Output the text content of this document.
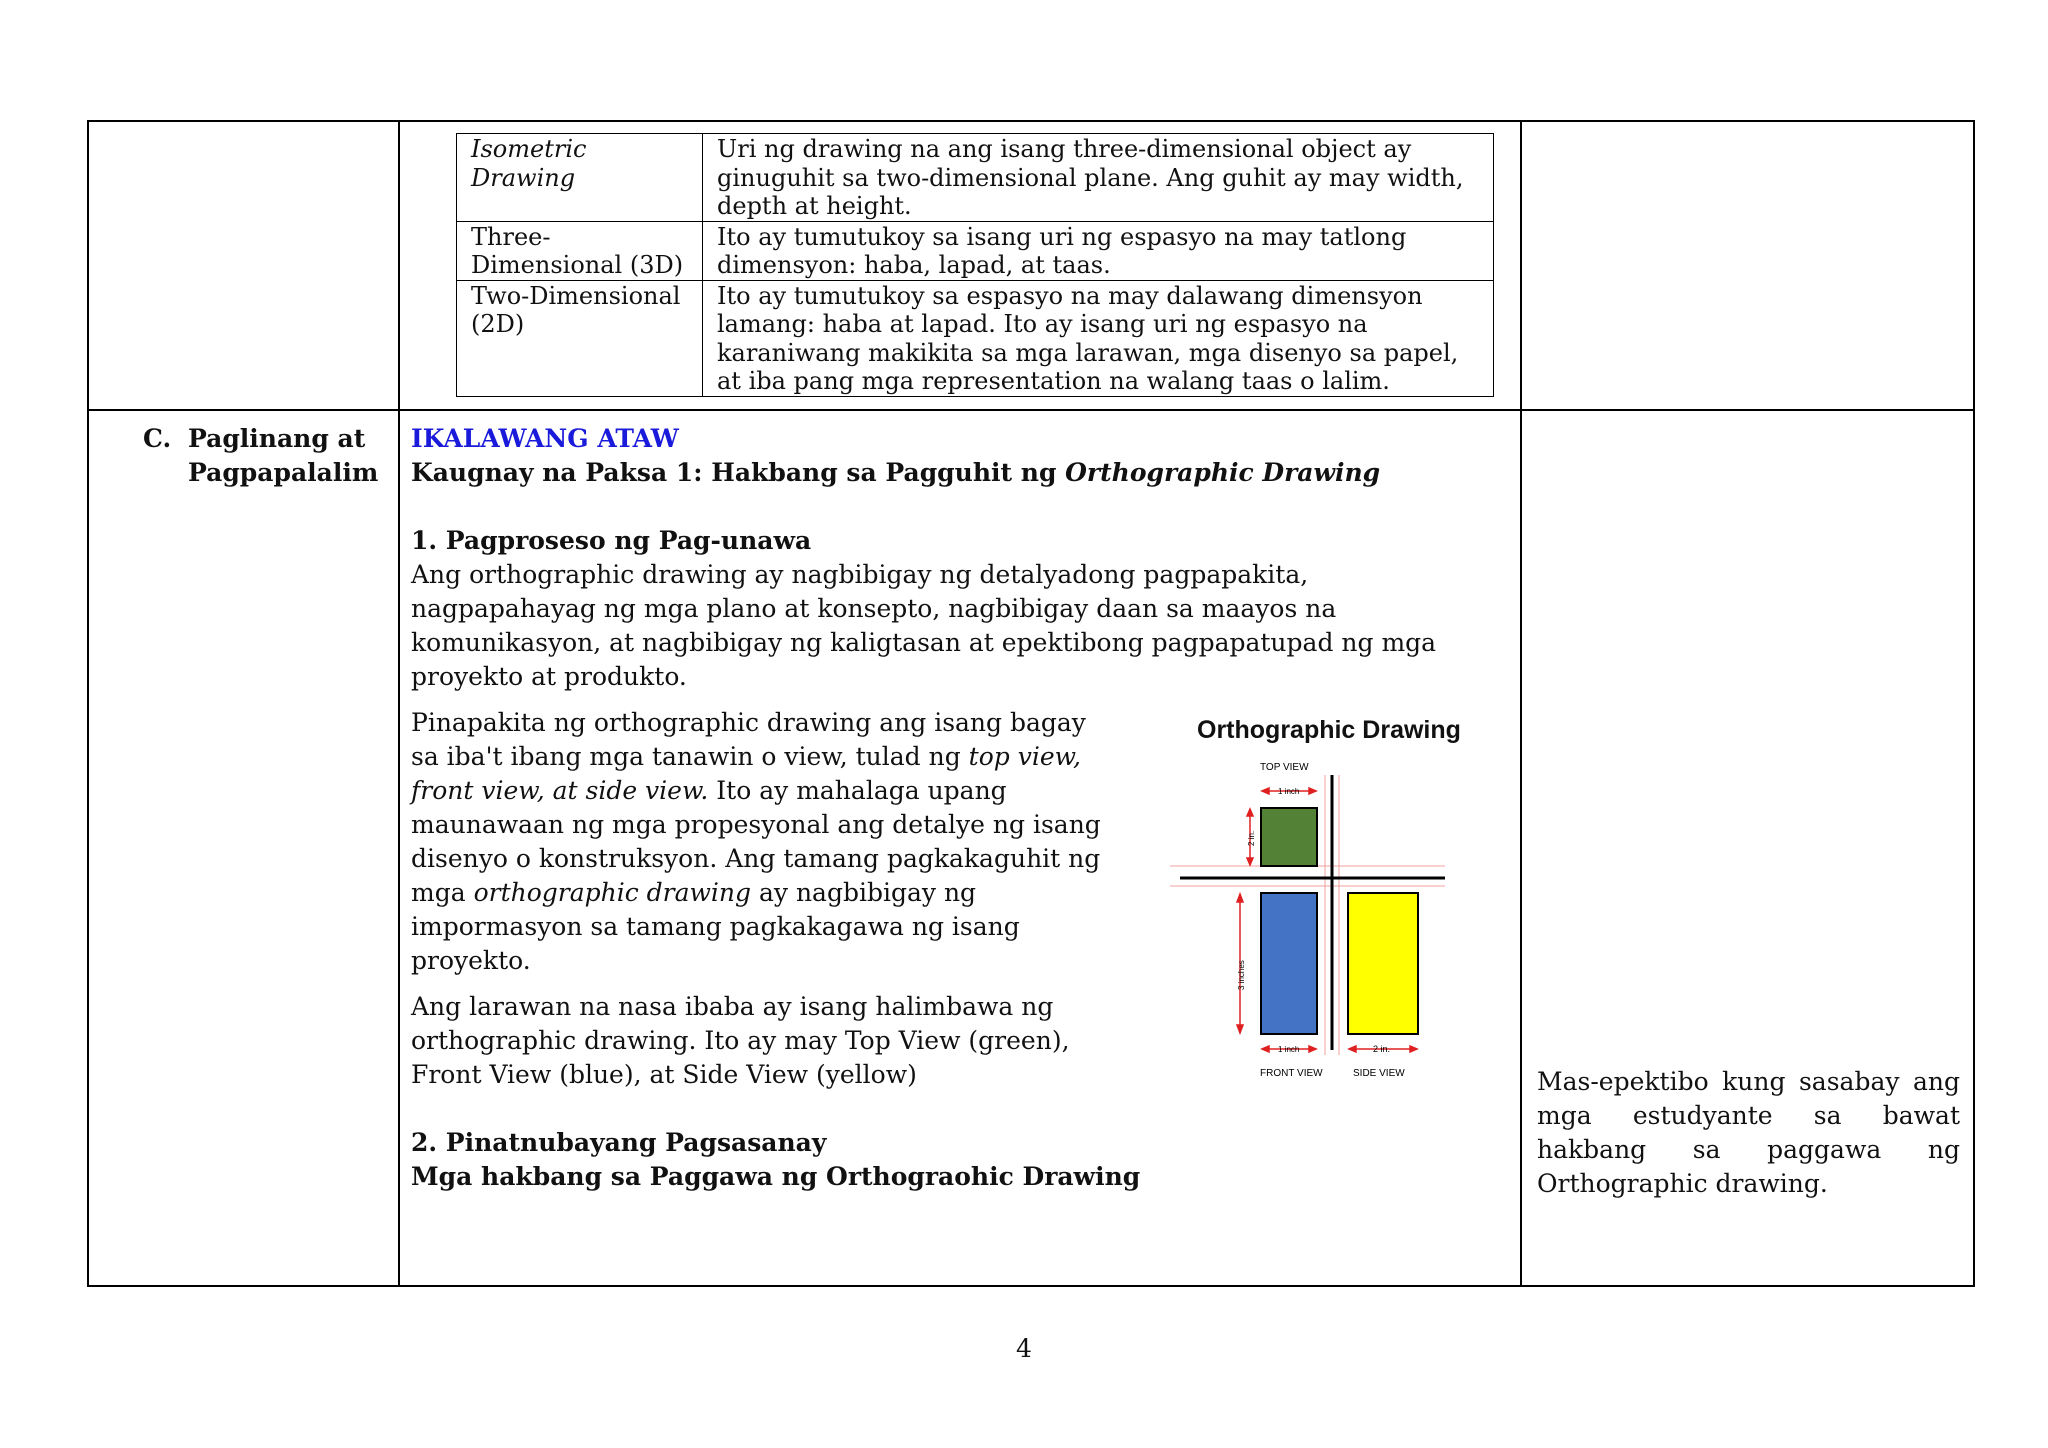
Isometric Drawing	Uri ng drawing na ang isang three-dimensional object ay ginuguhit sa two-dimensional plane. Ang guhit ay may width, depth at height.
Three-Dimensional (3D)	Ito ay tumutukoy sa isang uri ng espasyo na may tatlong dimensyon: haba, lapad, at taas.
Two-Dimensional (2D)	Ito ay tumutukoy sa espasyo na may dalawang dimensyon lamang: haba at lapad. Ito ay isang uri ng espasyo na karaniwang makikita sa mga larawan, mga disenyo sa papel, at iba pang mga representation na walang taas o lalim.
C. Paglinang at
Pagpapalalim
IKALAWANG ATAW
Kaugnay na Paksa 1: Hakbang sa Pagguhit ng Orthographic Drawing
1. Pagproseso ng Pag-unawa
Ang orthographic drawing ay nagbibigay ng detalyadong pagpapakita,
nagpapahayag ng mga plano at konsepto, nagbibigay daan sa maayos na
komunikasyon, at nagbibigay ng kaligtasan at epektibong pagpapatupad ng mga
proyekto at produkto.
Pinapakita ng orthographic drawing ang isang bagay
sa iba't ibang mga tanawin o view, tulad ng top view,
front view, at side view. Ito ay mahalaga upang
maunawaan ng mga propesyonal ang detalye ng isang
disenyo o konstruksyon. Ang tamang pagkakaguhit ng
mga orthographic drawing ay nagbibigay ng
impormasyon sa tamang pagkakagawa ng isang
proyekto.
Ang larawan na nasa ibaba ay isang halimbawa ng
orthographic drawing. Ito ay may Top View (green),
Front View (blue), at Side View (yellow)
2. Pinatnubayang Pagsasanay
Mga hakbang sa Paggawa ng Orthograohic Drawing
Orthographic Drawing
TOP VIEW
1 inch
2 in.
3 inches
1 inch
FRONT VIEW
2 in.
SIDE VIEW	Mas-epektibo kung sasabay ang mga estudyante sa bawat hakbang sa paggawa ng Orthographic drawing.
4
